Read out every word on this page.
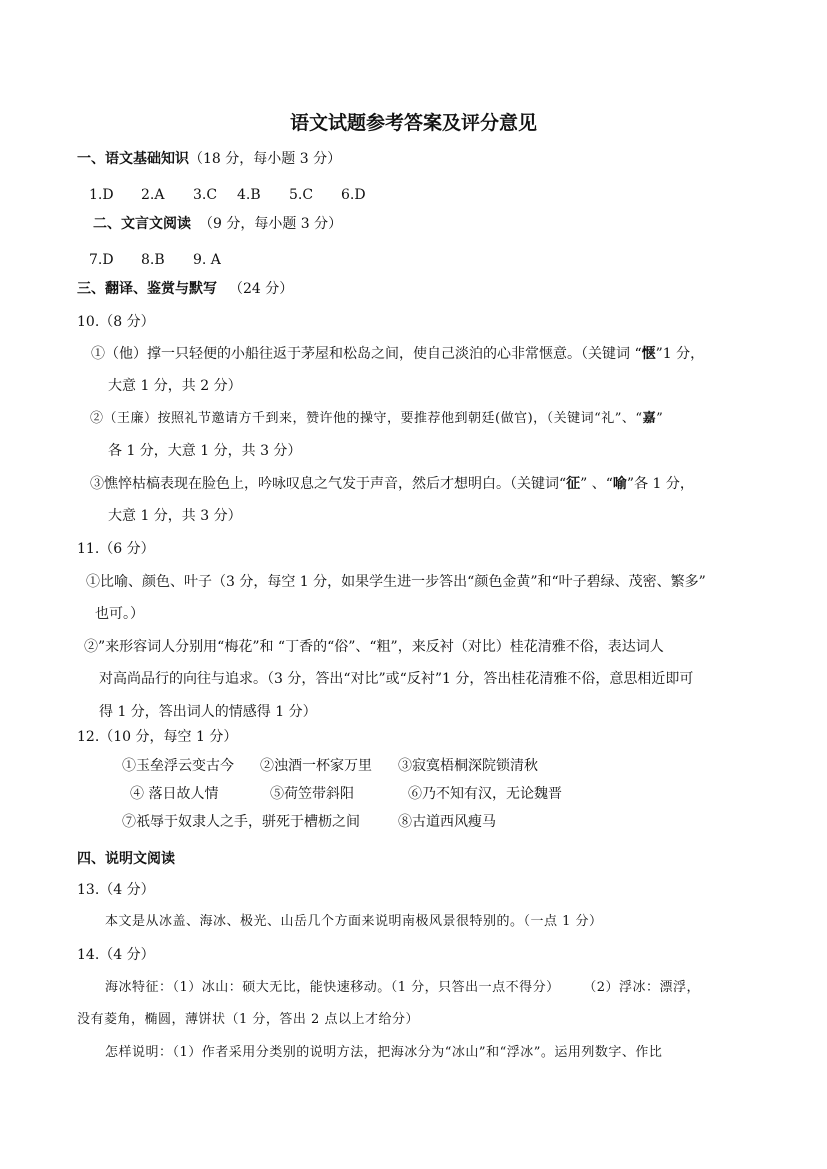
语文试题参考答案及评分意见
一、语文基础知识（18 分，每小题 3 分）
1.D 2.A 3.C 4.B 5.C 6.D
二、文言文阅读 （9 分，每小题 3 分）
7.D 8.B 9. A
三、翻译、鉴赏与默写 （24 分）
10.（8 分）
①（他）撑一只轻便的小船往返于茅屋和松岛之间，使自己淡泊的心非常惬意。（关键词 “惬”1 分，
大意 1 分，共 2 分）
②（王廉）按照礼节邀请方千到来，赞许他的操守，要推荐他到朝廷(做官)，（关键词“礼”、“嘉”
各 1 分，大意 1 分，共 3 分）
③憔悴枯槁表现在脸色上，吟咏叹息之气发于声音，然后才想明白。（关键词“征” 、“喻”各 1 分，
大意 1 分，共 3 分）
11.（6 分）
①比喻、颜色、叶子（3 分，每空 1 分，如果学生进一步答出“颜色金黄”和“叶子碧绿、茂密、繁多”
也可。）
②”来形容词人分别用“梅花”和 “丁香的“俗”、“粗”，来反衬（对比）桂花清雅不俗，表达词人
对高尚品行的向往与追求。（3 分，答出“对比”或“反衬”1 分，答出桂花清雅不俗，意思相近即可
得 1 分，答出词人的情感得 1 分）
12.（10 分，每空 1 分）
①玉垒浮云变古今 ②浊酒一杯家万里 ③寂寞梧桐深院锁清秋
④ 落日故人情	⑤荷笠带斜阳	⑥乃不知有汉，无论魏晋
⑦祇辱于奴隶人之手，骈死于槽枥之间	⑧古道西风瘦马
四、说明文阅读
13.（4 分）
本文是从冰盖、海冰、极光、山岳几个方面来说明南极风景很特别的。（一点 1 分）
14.（4 分）
海冰特征：（1）冰山：硕大无比，能快速移动。（1 分，只答出一点不得分） （2）浮冰：漂浮，
没有菱角，椭圆，薄饼状（1 分，答出 2 点以上才给分）
怎样说明：（1）作者采用分类别的说明方法，把海冰分为“冰山”和“浮冰”。运用列数字、作比
